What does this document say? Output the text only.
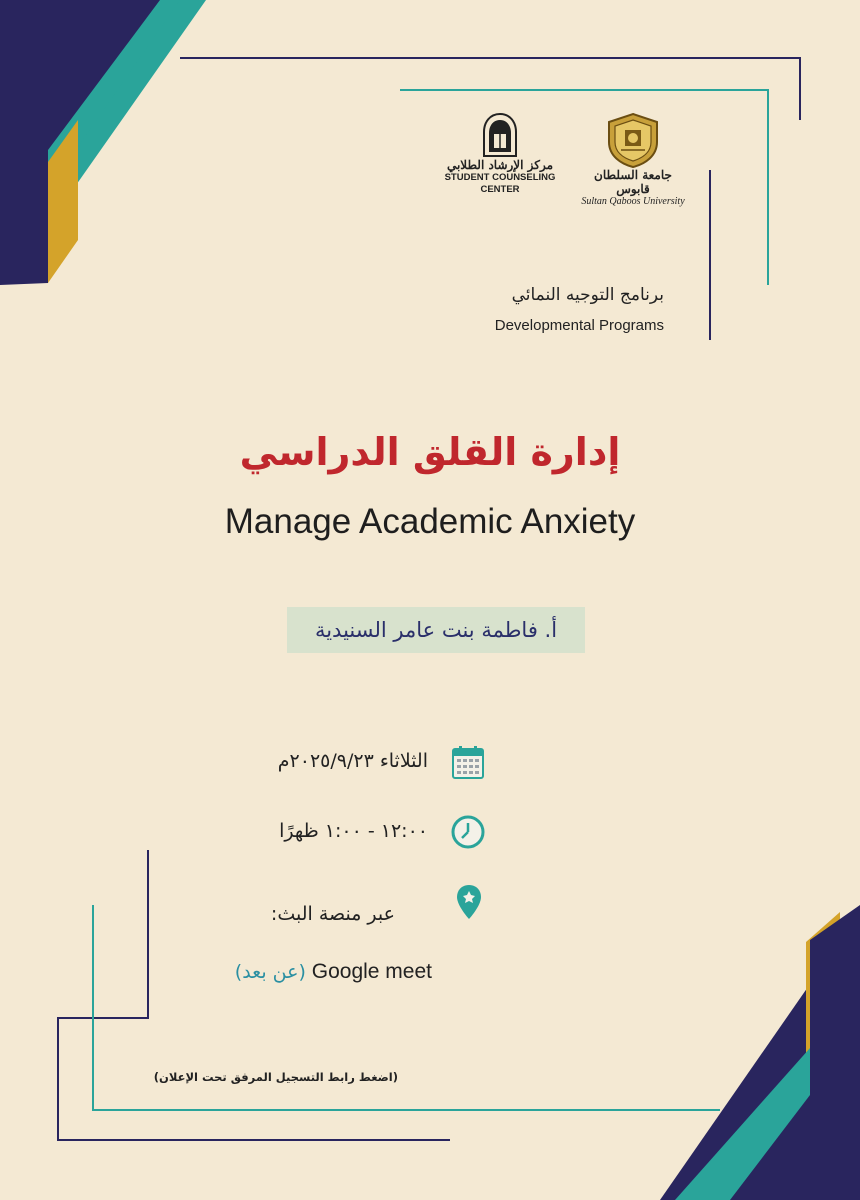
مركز الإرشاد الطلابي
STUDENT COUNSELING CENTER
جامعة السلطان قابوس
Sultan Qaboos University
برنامج التوجيه النمائي
Developmental Programs
إدارة القلق الدراسي
Manage Academic Anxiety
أ. فاطمة بنت عامر السنيدية
الثلاثاء ٢٠٢٥/٩/٢٣م
١٢:٠٠ - ١:٠٠ ظهرًا
عبر منصة البث:
(عن بعد) Google meet
(اضغط رابط التسجيل المرفق تحت الإعلان)
